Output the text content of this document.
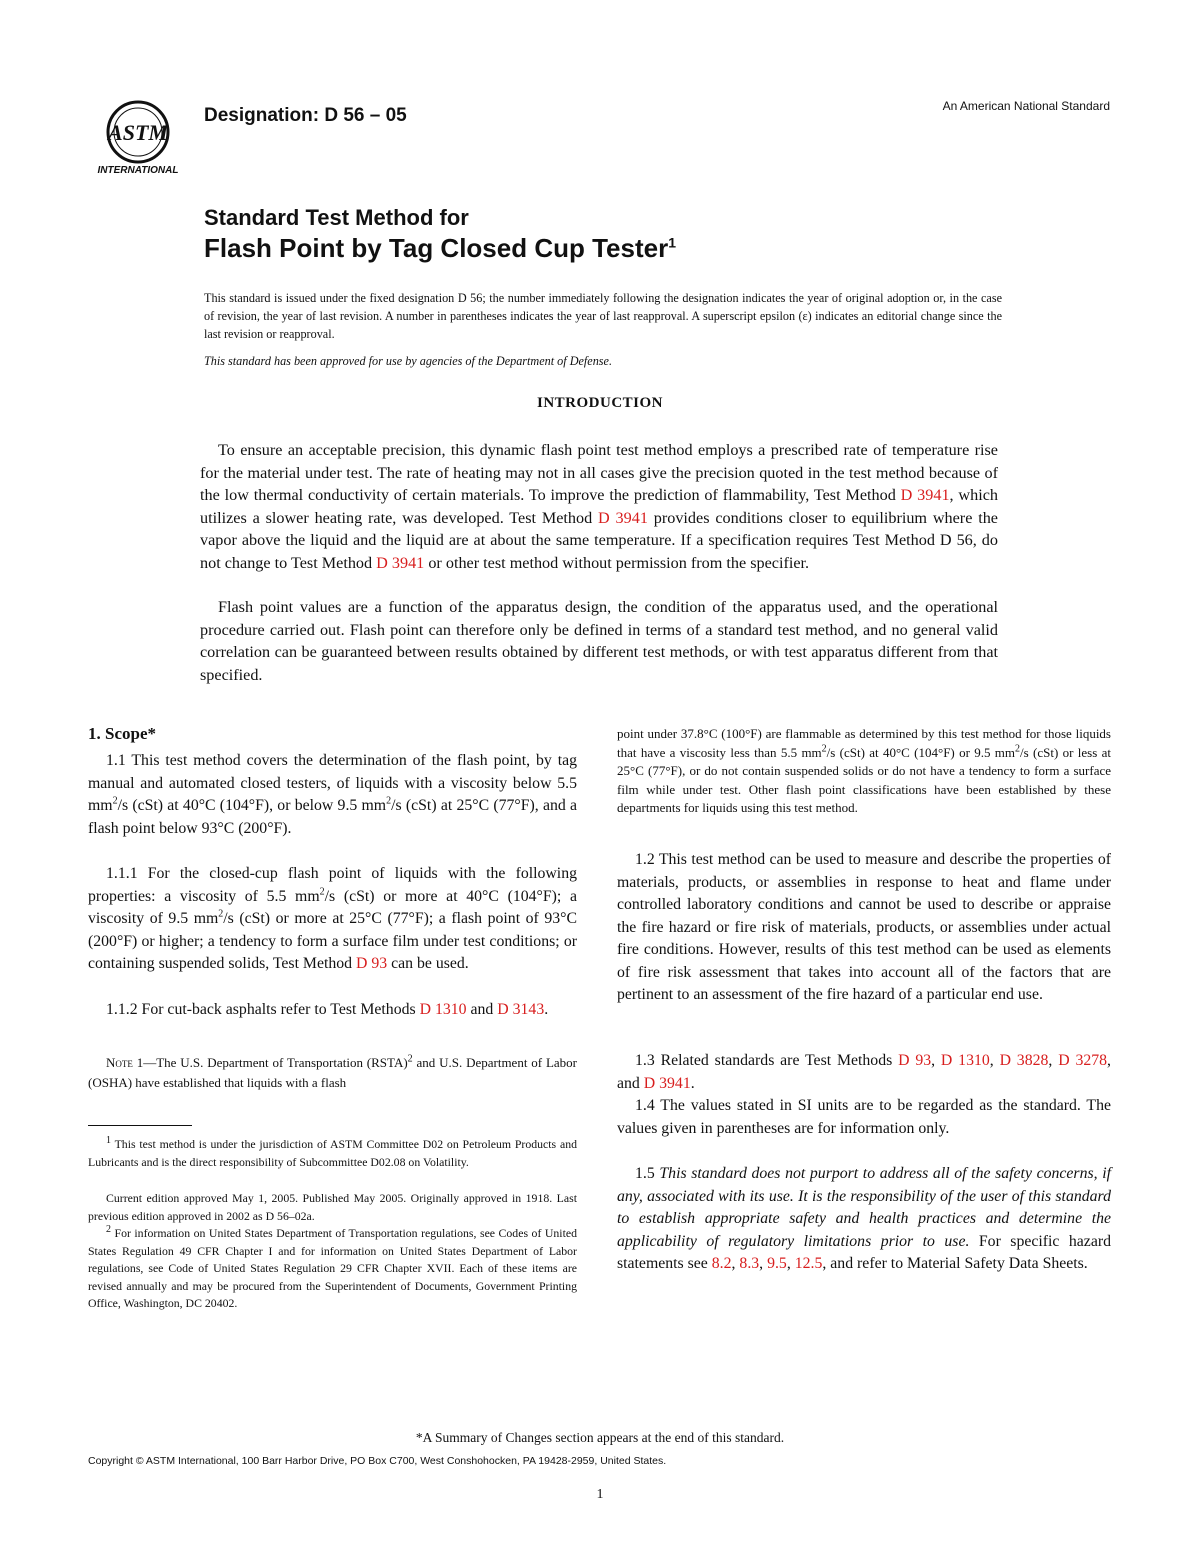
ASTM
INTERNATIONAL
Designation: D 56 – 05	An American National Standard
Standard Test Method for
Flash Point by Tag Closed Cup Tester$^1$
This standard is issued under the fixed designation D 56; the number immediately following the designation indicates the year of original adoption or, in the case of revision, the year of last revision. A number in parentheses indicates the year of last reapproval. A superscript epsilon (ε) indicates an editorial change since the last revision or reapproval.
This standard has been approved for use by agencies of the Department of Defense.
INTRODUCTION

To ensure an acceptable precision, this dynamic flash point test method employs a prescribed rate of temperature rise for the material under test. The rate of heating may not in all cases give the precision quoted in the test method because of the low thermal conductivity of certain materials. To improve the prediction of flammability, Test Method D 3941, which utilizes a slower heating rate, was developed. Test Method D 3941 provides conditions closer to equilibrium where the vapor above the liquid and the liquid are at about the same temperature. If a specification requires Test Method D 56, do not change to Test Method D 3941 or other test method without permission from the specifier.

Flash point values are a function of the apparatus design, the condition of the apparatus used, and the operational procedure carried out. Flash point can therefore only be defined in terms of a standard test method, and no general valid correlation can be guaranteed between results obtained by different test methods, or with test apparatus different from that specified.

1. Scope*

1.1 This test method covers the determination of the flash point, by tag manual and automated closed testers, of liquids with a viscosity below 5.5 $mm^2/s$ (cSt) at 40°C (104°F), or below 9.5 $mm^2/s$ (cSt) at 25°C (77°F), and a flash point below 93°C (200°F).

1.1.1 For the closed-cup flash point of liquids with the following properties: a viscosity of 5.5 $mm^2/s$ (cSt) or more at 40°C (104°F); a viscosity of 9.5 $mm^2/s$ (cSt) or more at 25°C (77°F); a flash point of 93°C (200°F) or higher; a tendency to form a surface film under test conditions; or containing suspended solids, Test Method D 93 can be used.

1.1.2 For cut-back asphalts refer to Test Methods D 1310 and D 3143.

Note 1—The U.S. Department of Transportation (RSTA)$^2$ and U.S. Department of Labor (OSHA) have established that liquids with a flash

$^1$ This test method is under the jurisdiction of ASTM Committee D02 on Petroleum Products and Lubricants and is the direct responsibility of Subcommittee D02.08 on Volatility.

Current edition approved May 1, 2005. Published May 2005. Originally approved in 1918. Last previous edition approved in 2002 as D 56–02a.

$^2$ For information on United States Department of Transportation regulations, see Codes of United States Regulation 49 CFR Chapter I and for information on United States Department of Labor regulations, see Code of United States Regulation 29 CFR Chapter XVII. Each of these items are revised annually and may be procured from the Superintendent of Documents, Government Printing Office, Washington, DC 20402.

point under 37.8°C (100°F) are flammable as determined by this test method for those liquids that have a viscosity less than 5.5 $mm^2/s$ (cSt) at 40°C (104°F) or 9.5 $mm^2/s$ (cSt) or less at 25°C (77°F), or do not contain suspended solids or do not have a tendency to form a surface film while under test. Other flash point classifications have been established by these departments for liquids using this test method.

1.2 This test method can be used to measure and describe the properties of materials, products, or assemblies in response to heat and flame under controlled laboratory conditions and cannot be used to describe or appraise the fire hazard or fire risk of materials, products, or assemblies under actual fire conditions. However, results of this test method can be used as elements of fire risk assessment that takes into account all of the factors that are pertinent to an assessment of the fire hazard of a particular end use.

1.3 Related standards are Test Methods D 93, D 1310, D 3828, D 3278, and D 3941.

1.4 The values stated in SI units are to be regarded as the standard. The values given in parentheses are for information only.

1.5 This standard does not purport to address all of the safety concerns, if any, associated with its use. It is the responsibility of the user of this standard to establish appropriate safety and health practices and determine the applicability of regulatory limitations prior to use. For specific hazard statements see 8.2, 8.3, 9.5, 12.5, and refer to Material Safety Data Sheets.

*A Summary of Changes section appears at the end of this standard.
Copyright © ASTM International, 100 Barr Harbor Drive, PO Box C700, West Conshohocken, PA 19428-2959, United States.
1
